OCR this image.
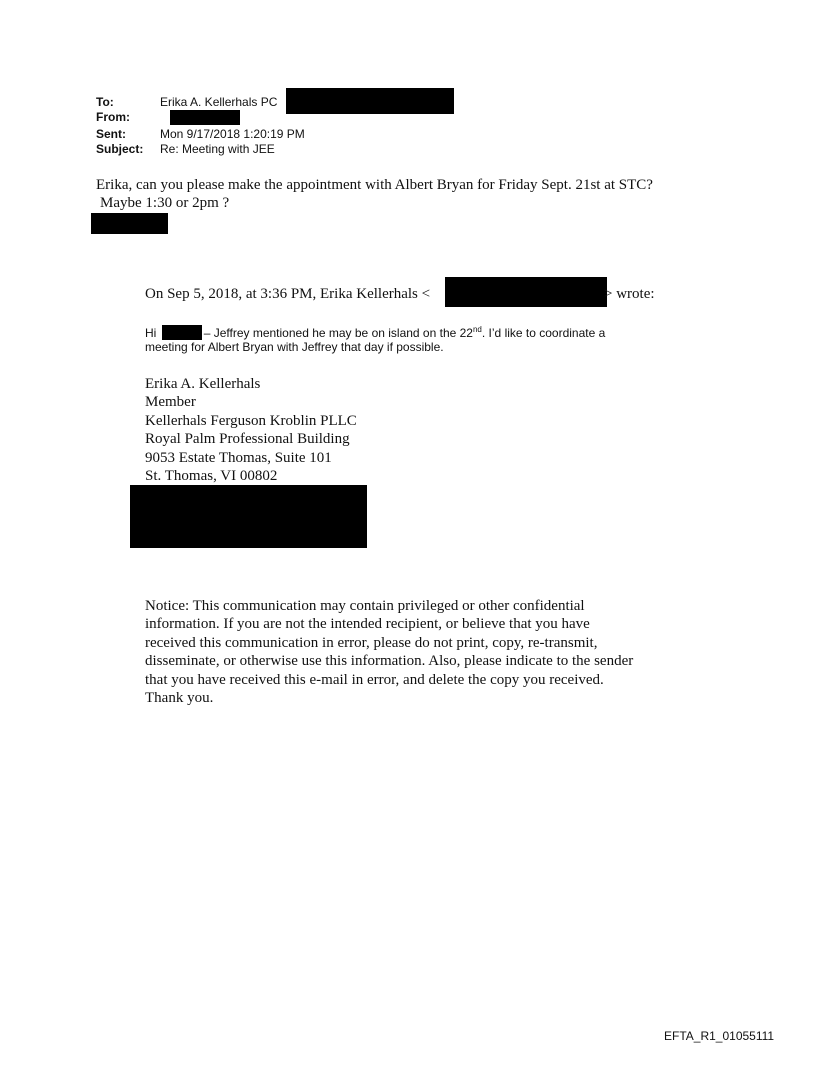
To:	Erika A. Kellerhals PC
From:
Sent:	Mon 9/17/2018 1:20:19 PM
Subject: Re: Meeting with JEE
Erika, can you please make the appointment with Albert Bryan for Friday Sept. 21st at STC?
Maybe 1:30 or 2pm ?
On Sep 5, 2018, at 3:36 PM, Erika Kellerhals <	> wrote:
Hi	– Jeffrey mentioned he may be on island on the 22nd. I’d like to coordinate a
meeting for Albert Bryan with Jeffrey that day if possible.
Erika A. Kellerhals
Member
Kellerhals Ferguson Kroblin PLLC
Royal Palm Professional Building
9053 Estate Thomas, Suite 101
St. Thomas, VI 00802
Notice: This communication may contain privileged or other confidential
information. If you are not the intended recipient, or believe that you have
received this communication in error, please do not print, copy, re-transmit,
disseminate, or otherwise use this information. Also, please indicate to the sender
that you have received this e-mail in error, and delete the copy you received.
Thank you.
EFTA_R1_01055111
